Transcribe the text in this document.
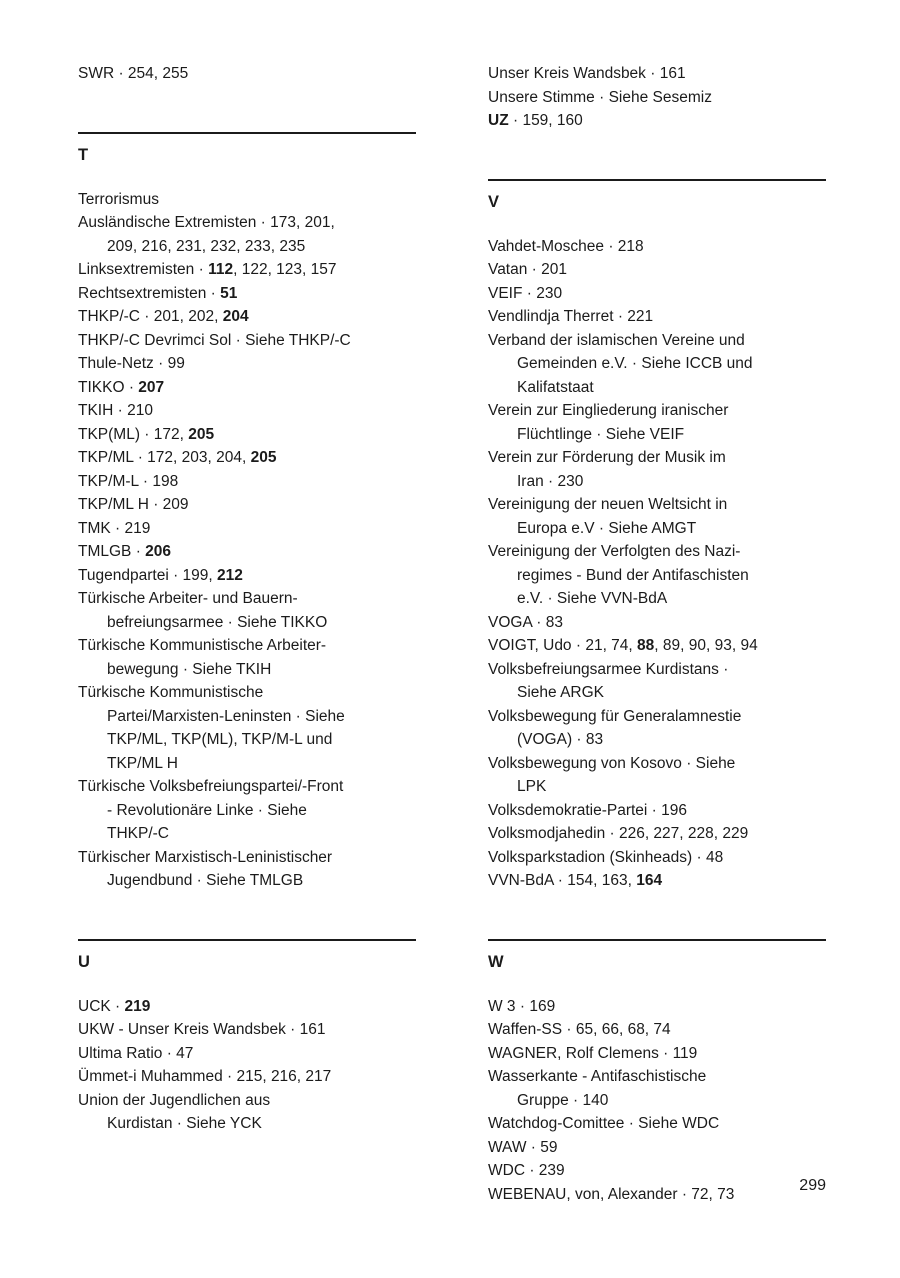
SWR · 254, 255
T
Terrorismus
Ausländische Extremisten · 173, 201,
209, 216, 231, 232, 233, 235
Linksextremisten · 112, 122, 123, 157
Rechtsextremisten · 51
THKP/-C · 201, 202, 204
THKP/-C Devrimci Sol · Siehe THKP/-C
Thule-Netz · 99
TIKKO · 207
TKIH · 210
TKP(ML) · 172, 205
TKP/ML · 172, 203, 204, 205
TKP/M-L · 198
TKP/ML H · 209
TMK · 219
TMLGB · 206
Tugendpartei · 199, 212
Türkische Arbeiter- und Bauern-
befreiungsarmee · Siehe TIKKO
Türkische Kommunistische Arbeiter-
bewegung · Siehe TKIH
Türkische Kommunistische
Partei/Marxisten-Leninsten · Siehe
TKP/ML, TKP(ML), TKP/M-L und
TKP/ML H
Türkische Volksbefreiungspartei/-Front
- Revolutionäre Linke · Siehe
THKP/-C
Türkischer Marxistisch-Leninistischer
Jugendbund · Siehe TMLGB
U
UCK · 219
UKW - Unser Kreis Wandsbek · 161
Ultima Ratio · 47
Ümmet-i Muhammed · 215, 216, 217
Union der Jugendlichen aus
Kurdistan · Siehe YCK
Unser Kreis Wandsbek · 161
Unsere Stimme · Siehe Sesemiz
UZ · 159, 160
V
Vahdet-Moschee · 218
Vatan · 201
VEIF · 230
Vendlindja Therret · 221
Verband der islamischen Vereine und
Gemeinden e.V. · Siehe ICCB und
Kalifatstaat
Verein zur Eingliederung iranischer
Flüchtlinge · Siehe VEIF
Verein zur Förderung der Musik im
Iran · 230
Vereinigung der neuen Weltsicht in
Europa e.V · Siehe AMGT
Vereinigung der Verfolgten des Nazi-
regimes - Bund der Antifaschisten
e.V. · Siehe VVN-BdA
VOGA · 83
VOIGT, Udo · 21, 74, 88, 89, 90, 93, 94
Volksbefreiungsarmee Kurdistans ·
Siehe ARGK
Volksbewegung für Generalamnestie
(VOGA) · 83
Volksbewegung von Kosovo · Siehe
LPK
Volksdemokratie-Partei · 196
Volksmodjahedin · 226, 227, 228, 229
Volksparkstadion (Skinheads) · 48
VVN-BdA · 154, 163, 164
W
W 3 · 169
Waffen-SS · 65, 66, 68, 74
WAGNER, Rolf Clemens · 119
Wasserkante - Antifaschistische
Gruppe · 140
Watchdog-Comittee · Siehe WDC
WAW · 59
WDC · 239
WEBENAU, von, Alexander · 72, 73	299
